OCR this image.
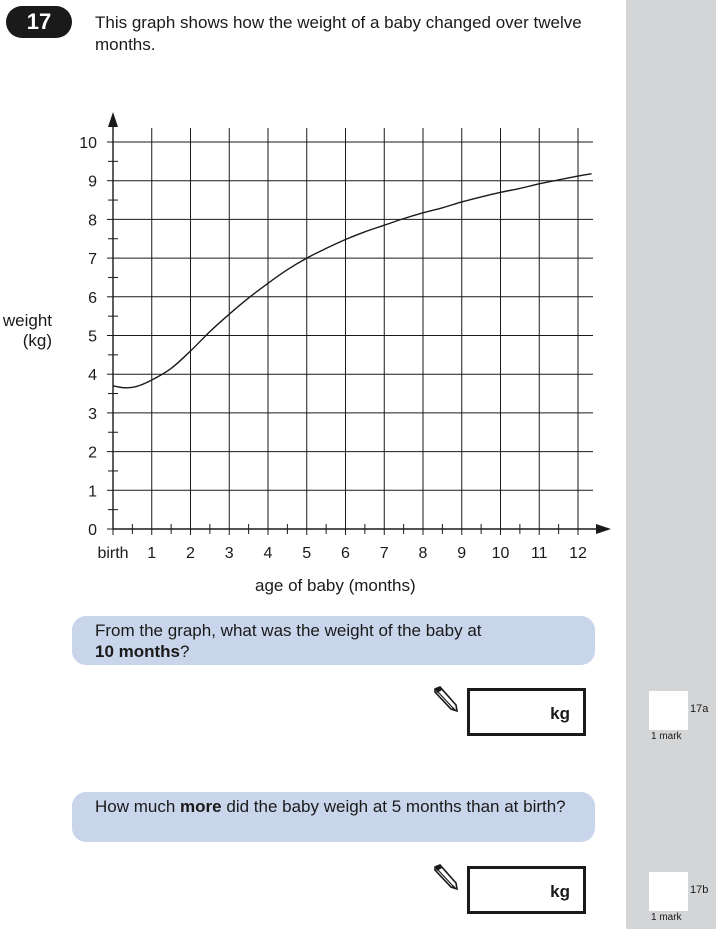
17	This graph shows how the weight of a baby changed over twelve months.
weight
(kg)
0
1
2
3
4
5
6
7
8
9
10
birth 1 2 3 4 5 6 7 8 9 10 11 12
age of baby (months)
From the graph, what was the weight of the baby at
10 months?
kg	17a
1 mark
How much more did the baby weigh at 5 months than at birth?
kg	17b
1 mark
